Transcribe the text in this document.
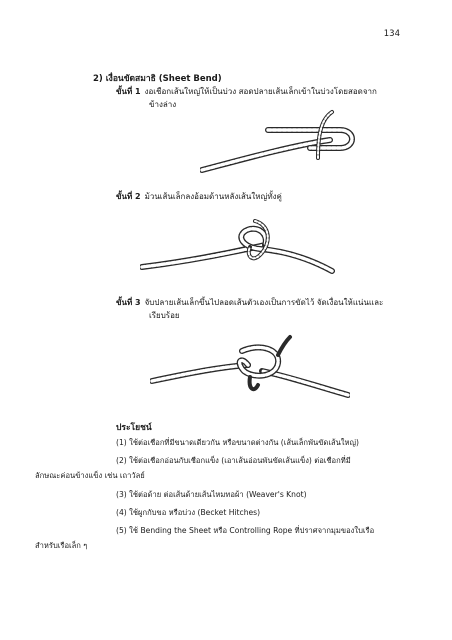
134
2) เงื่อนขัดสมาธิ (Sheet Bend)
ขั้นที่ 1 งอเชือกเส้นใหญ่ให้เป็นบ่วง สอดปลายเส้นเล็กเข้าในบ่วงโดยสอดจาก
ข้างล่าง
ขั้นที่ 2 ม้วนเส้นเล็กลงอ้อมด้านหลังเส้นใหญ่ทั้งคู่
ขั้นที่ 3 จับปลายเส้นเล็กขึ้นไปลอดเส้นตัวเองเป็นการขัดไว้ จัดเงื่อนให้แน่นและ
เรียบร้อย
ประโยชน์
(1) ใช้ต่อเชือกที่มีขนาดเดียวกัน หรือขนาดต่างกัน (เส้นเล็กพันขัดเส้นใหญ่)
(2) ใช้ต่อเชือกอ่อนกับเชือกแข็ง (เอาเส้นอ่อนพันขัดเส้นแข็ง) ต่อเชือกที่มี
ลักษณะค่อนข้างแข็ง เช่น เถาวัลย์
(3) ใช้ต่อด้าย ต่อเส้นด้ายเส้นไหมทอผ้า (Weaver's Knot)
(4) ใช้ผูกกับขอ หรือบ่วง (Becket Hitches)
(5) ใช้ Bending the Sheet หรือ Controlling Rope ที่ปราศจากมุมของใบเรือ
สำหรับเรือเล็ก ๆ
